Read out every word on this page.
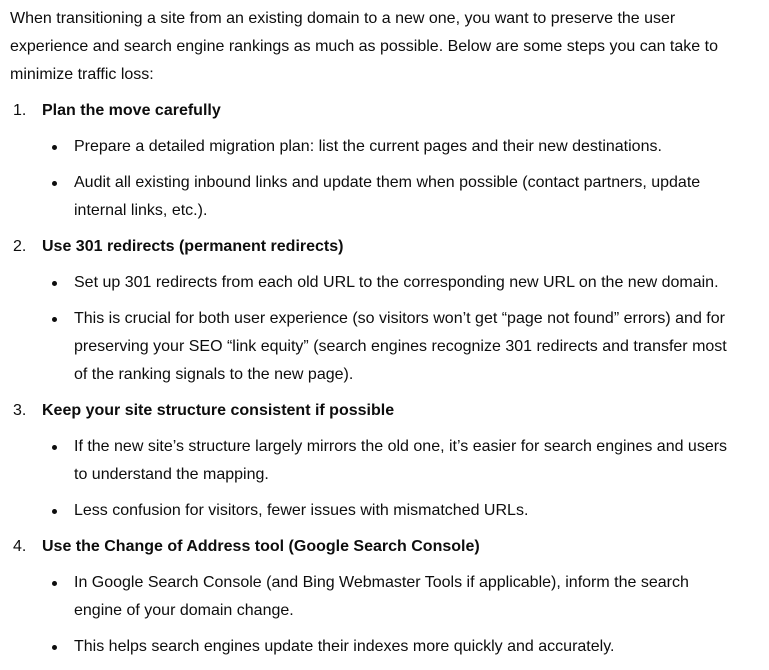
When transitioning a site from an existing domain to a new one, you want to preserve the user experience and search engine rankings as much as possible. Below are some steps you can take to minimize traffic loss:

1. Plan the move carefully

Prepare a detailed migration plan: list the current pages and their new destinations.
Audit all existing inbound links and update them when possible (contact partners, update internal links, etc.).
2. Use 301 redirects (permanent redirects)

Set up 301 redirects from each old URL to the corresponding new URL on the new domain.
This is crucial for both user experience (so visitors won’t get “page not found” errors) and for preserving your SEO “link equity” (search engines recognize 301 redirects and transfer most of the ranking signals to the new page).
3. Keep your site structure consistent if possible

If the new site’s structure largely mirrors the old one, it’s easier for search engines and users to understand the mapping.
Less confusion for visitors, fewer issues with mismatched URLs.
4. Use the Change of Address tool (Google Search Console)

In Google Search Console (and Bing Webmaster Tools if applicable), inform the search engine of your domain change.
This helps search engines update their indexes more quickly and accurately.
